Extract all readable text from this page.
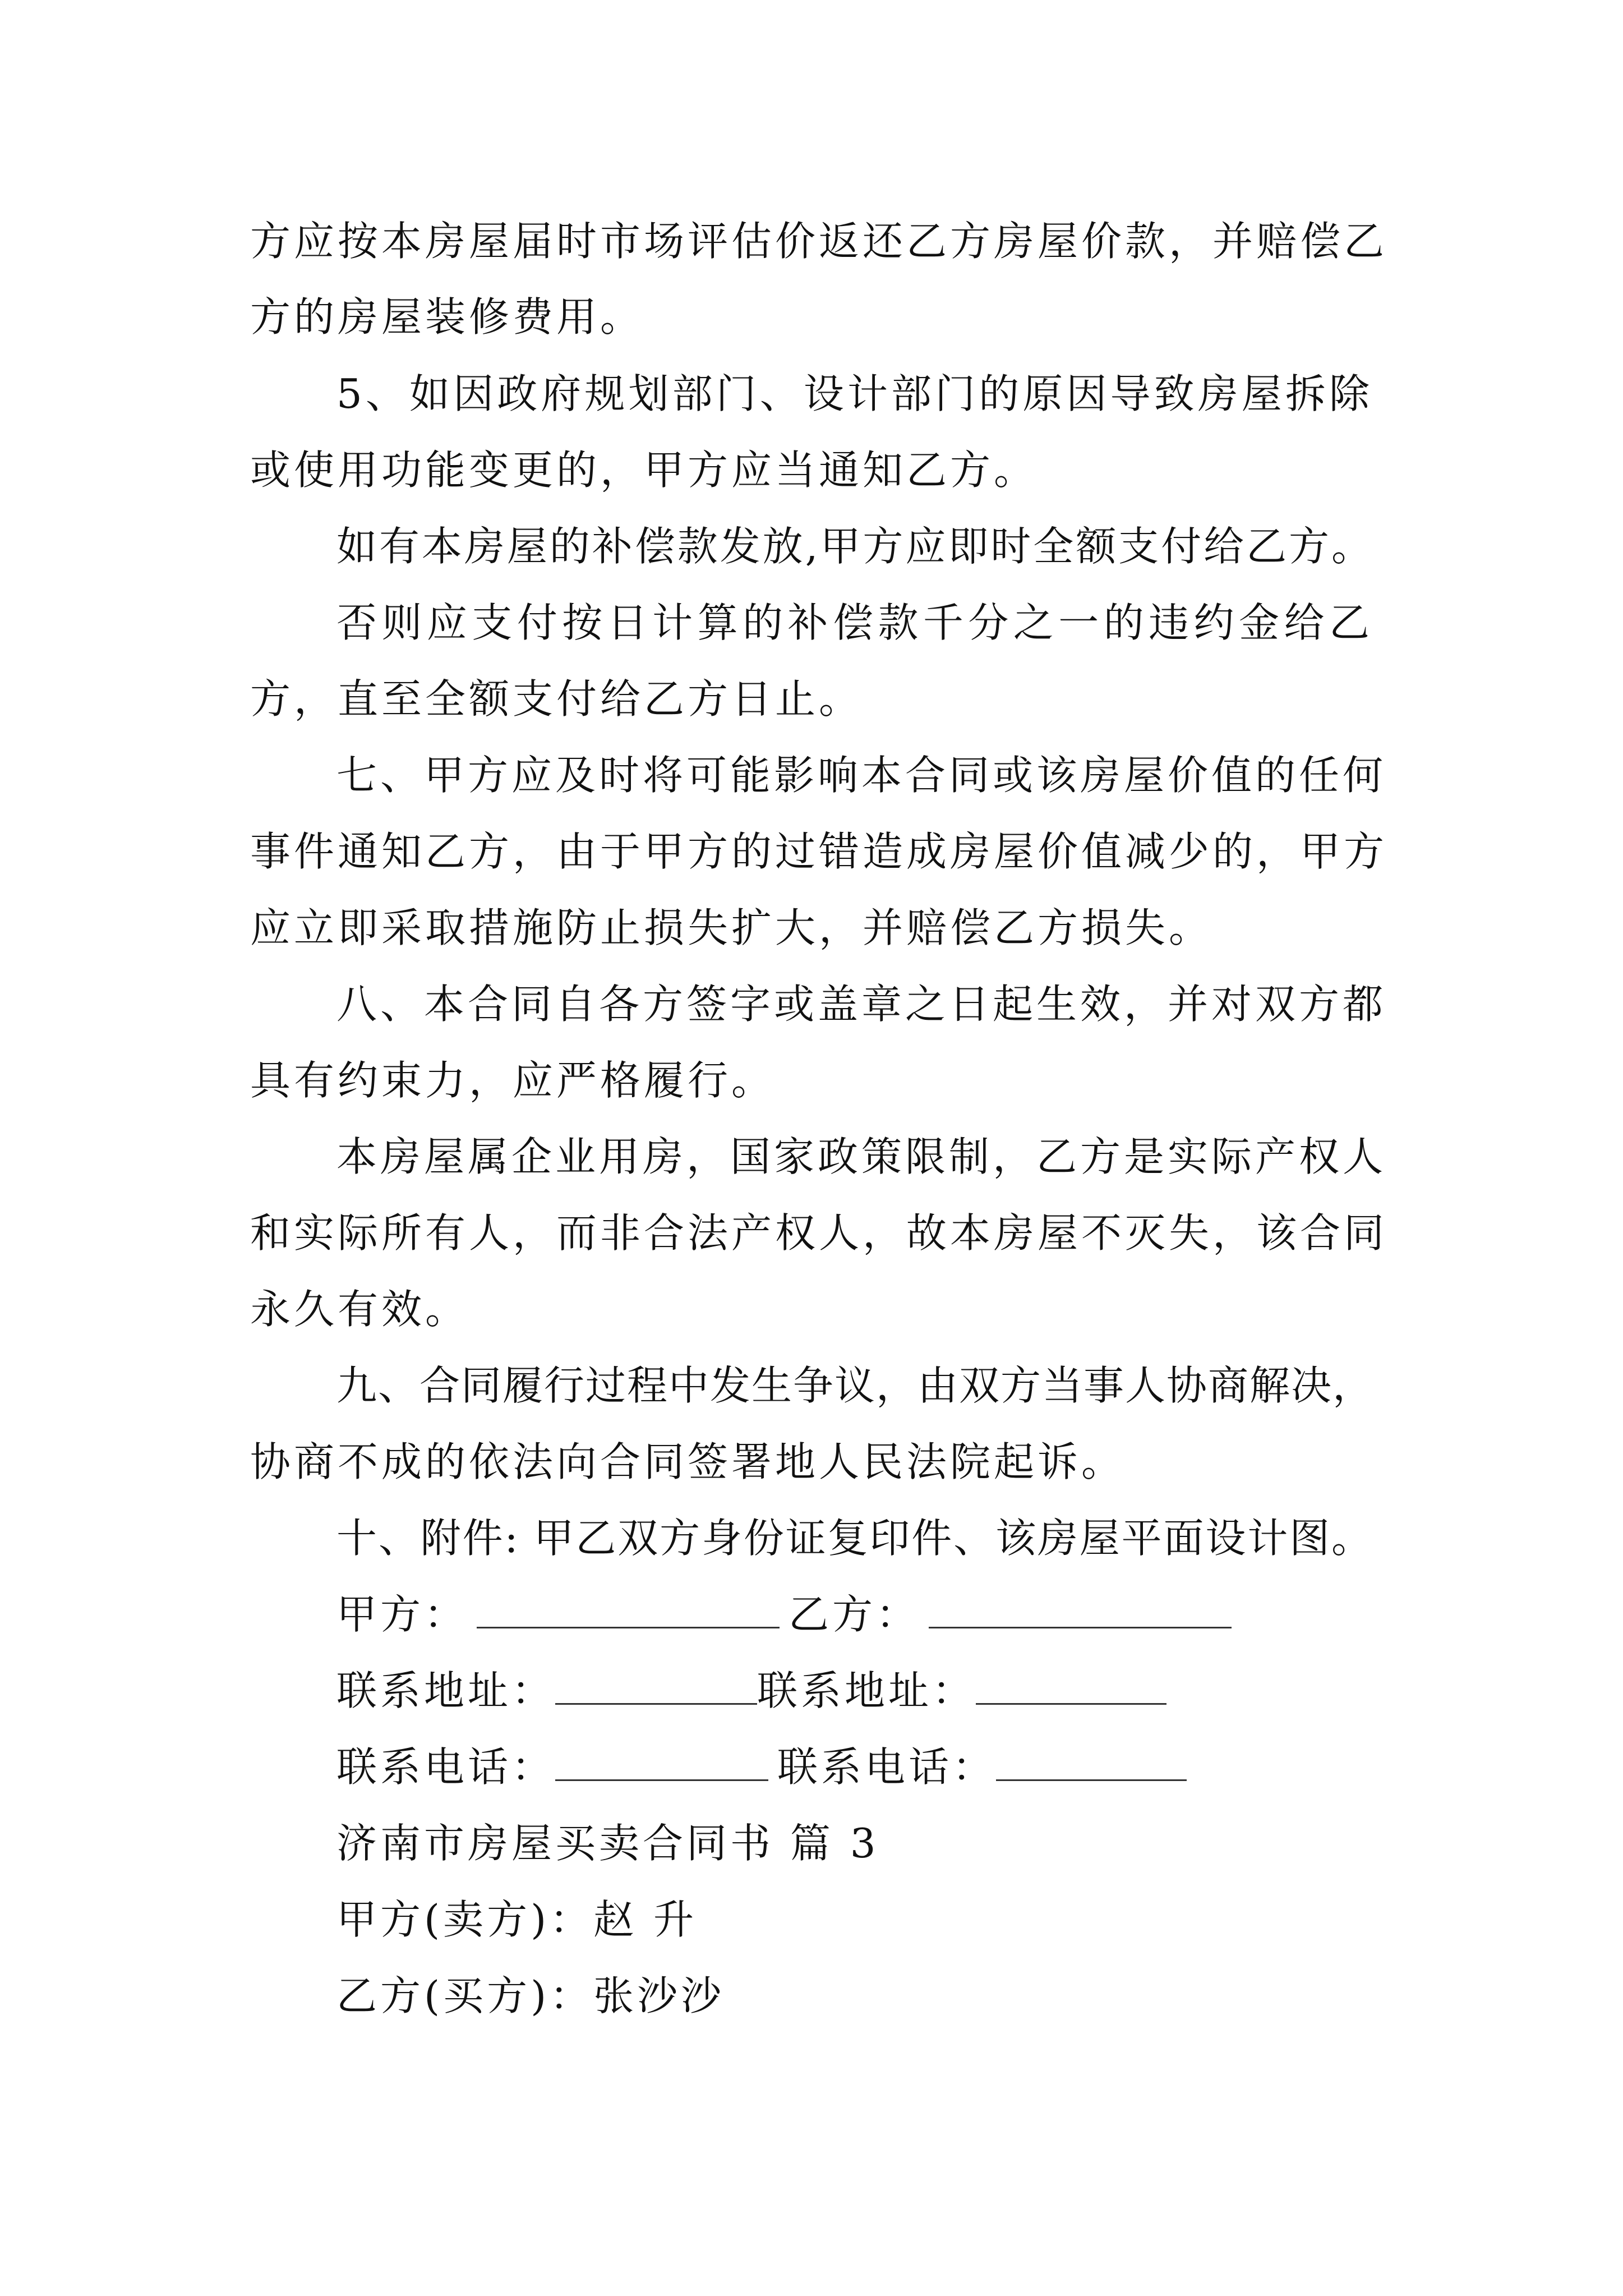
方应按本房屋届时市场评估价返还乙方房屋价款，并赔偿乙
方的房屋装修费用。
5、如因政府规划部门、设计部门的原因导致房屋拆除
或使用功能变更的，甲方应当通知乙方。
如有本房屋的补偿款发放,甲方应即时全额支付给乙方。
否则应支付按日计算的补偿款千分之一的违约金给乙
方，直至全额支付给乙方日止。
七、甲方应及时将可能影响本合同或该房屋价值的任何
事件通知乙方，由于甲方的过错造成房屋价值减少的，甲方
应立即采取措施防止损失扩大，并赔偿乙方损失。
八、本合同自各方签字或盖章之日起生效，并对双方都
具有约束力，应严格履行。
本房屋属企业用房，国家政策限制，乙方是实际产权人
和实际所有人，而非合法产权人，故本房屋不灭失，该合同
永久有效。
九、合同履行过程中发生争议，由双方当事人协商解决，
协商不成的依法向合同签署地人民法院起诉。
十、附件: 甲乙双方身份证复印件、该房屋平面设计图。
甲方：	乙方：
联系地址：	联系地址：
联系电话：	联系电话：
济南市房屋买卖合同书 篇 3
甲方(卖方)：赵 升
乙方(买方)：张沙沙
